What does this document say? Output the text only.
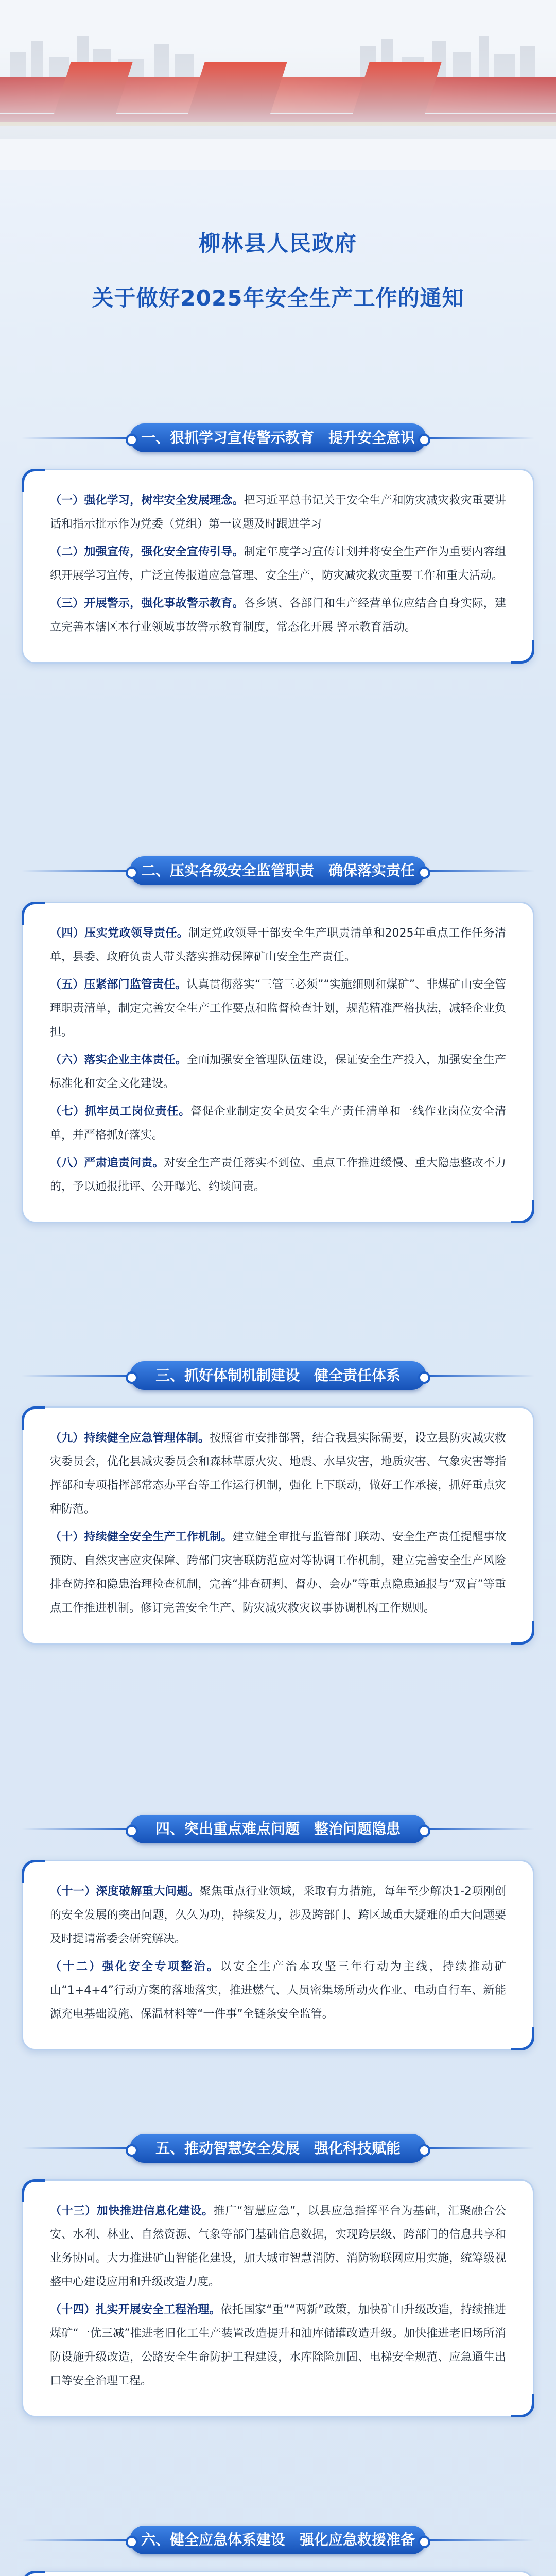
柳林县人民政府
关于做好2025年安全生产工作的通知
一、狠抓学习宣传警示教育　提升安全意识

（一）强化学习，树牢安全发展理念。把习近平总书记关于安全生产和防灾减灾救灾重要讲话和指示批示作为党委（党组）第一议题及时跟进学习

（二）加强宣传，强化安全宣传引导。制定年度学习宣传计划并将安全生产作为重要内容组织开展学习宣传，广泛宣传报道应急管理、安全生产，防灾减灾救灾重要工作和重大活动。

（三）开展警示，强化事故警示教育。各乡镇、各部门和生产经营单位应结合自身实际，建立完善本辖区本行业领域事故警示教育制度，常态化开展 警示教育活动。

二、压实各级安全监管职责　确保落实责任

（四）压实党政领导责任。制定党政领导干部安全生产职责清单和2025年重点工作任务清单，县委、政府负责人带头落实推动保障矿山安全生产责任。

（五）压紧部门监管责任。认真贯彻落实“三管三必须”“实施细则和煤矿”、非煤矿山安全管理职责清单，制定完善安全生产工作要点和监督检查计划，规范精准严格执法，减轻企业负担。

（六）落实企业主体责任。全面加强安全管理队伍建设，保证安全生产投入，加强安全生产标准化和安全文化建设。

（七）抓牢员工岗位责任。督促企业制定安全员安全生产责任清单和一线作业岗位安全清单，并严格抓好落实。

（八）严肃追责问责。对安全生产责任落实不到位、重点工作推进缓慢、重大隐患整改不力的，予以通报批评、公开曝光、约谈问责。

三、抓好体制机制建设　健全责任体系

（九）持续健全应急管理体制。按照省市安排部署，结合我县实际需要，设立县防灾减灾救灾委员会，优化县减灾委员会和森林草原火灾、地震、水旱灾害，地质灾害、气象灾害等指挥部和专项指挥部常态办平台等工作运行机制，强化上下联动，做好工作承接，抓好重点灾种防范。

（十）持续健全安全生产工作机制。建立健全审批与监管部门联动、安全生产责任提醒事故预防、自然灾害应灾保障、跨部门灾害联防范应对等协调工作机制，建立完善安全生产风险排查防控和隐患治理检查机制，完善“排查研判、督办、会办”等重点隐患通报与“双盲”等重点工作推进机制。修订完善安全生产、防灾减灾救灾议事协调机构工作规则。

四、突出重点难点问题　整治问题隐患

（十一）深度破解重大问题。聚焦重点行业领域，采取有力措施，每年至少解决1-2项刚创的安全发展的突出问题，久久为功，持续发力，涉及跨部门、跨区域重大疑难的重大问题要及时提请常委会研究解决。

（十二）强化安全专项整治。以安全生产治本攻坚三年行动为主线，持续推动矿山“1+4+4”行动方案的落地落实，推进燃气、人员密集场所动火作业、电动自行车、新能源充电基础设施、保温材料等“一件事”全链条安全监管。

五、推动智慧安全发展　强化科技赋能

（十三）加快推进信息化建设。推广“智慧应急”，以县应急指挥平台为基础，汇聚融合公安、水利、林业、自然资源、气象等部门基础信息数据，实现跨层级、跨部门的信息共享和业务协同。大力推进矿山智能化建设，加大城市智慧消防、消防物联网应用实施，统筹级视整中心建设应用和升级改造力度。

（十四）扎实开展安全工程治理。依托国家“重”“两新”政策，加快矿山升级改造，持续推进煤矿“一优三减”推进老旧化工生产装置改造提升和油库储罐改造升级。加快推进老旧场所消防设施升级改造，公路安全生命防护工程建设，水库除险加固、电梯安全规范、应急通生出口等安全治理工程。

六、健全应急体系建设　强化应急救援准备
